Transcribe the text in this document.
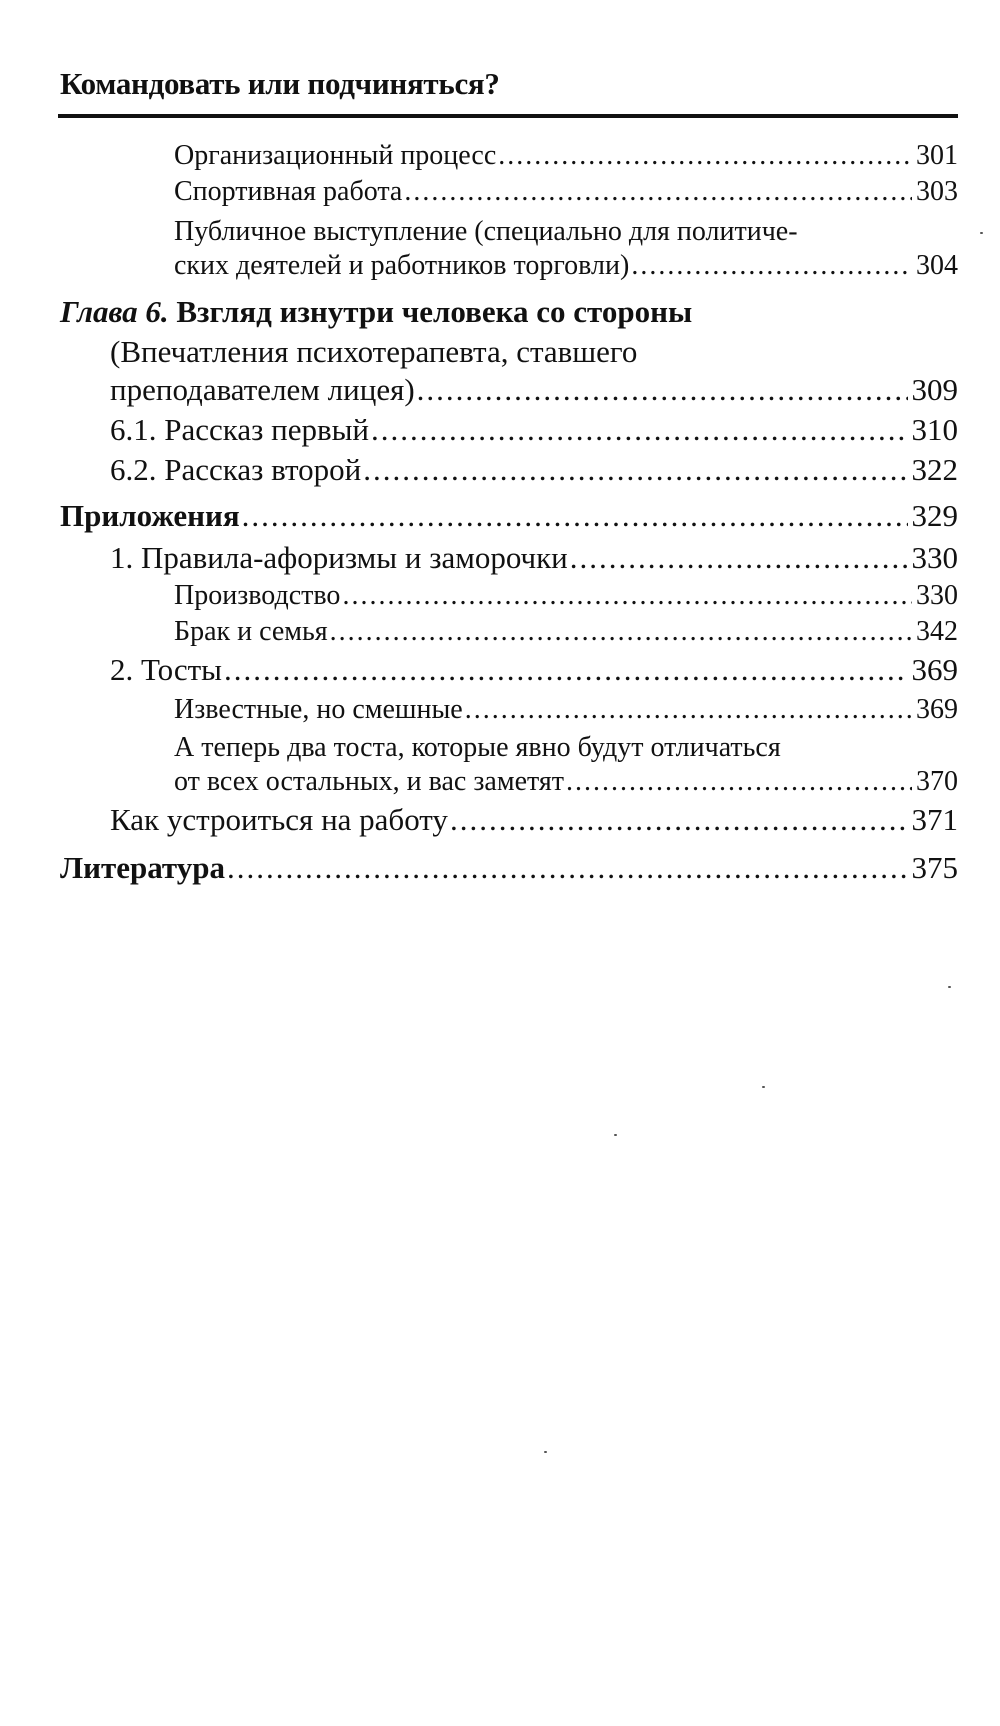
Командовать или подчиняться?
Организационный процесс .....	301
Спортивная работа .....	303
Публичное выступление (специально для политиче-
ских деятелей и работников торговли) .....	304
Глава 6. Взгляд изнутри человека со стороны
(Впечатления психотерапевта, ставшего
преподавателем лицея) .....	309
6.1. Рассказ первый .....	310
6.2. Рассказ второй .....	322
Приложения .....	329
1. Правила-афоризмы и заморочки .....	330
Производство .....	330
Брак и семья .....	342
2. Тосты .....	369
Известные, но смешные .....	369
А теперь два тоста, которые явно будут отличаться
от всех остальных, и вас заметят .....	370
Как устроиться на работу .....	371
Литература .....	375
